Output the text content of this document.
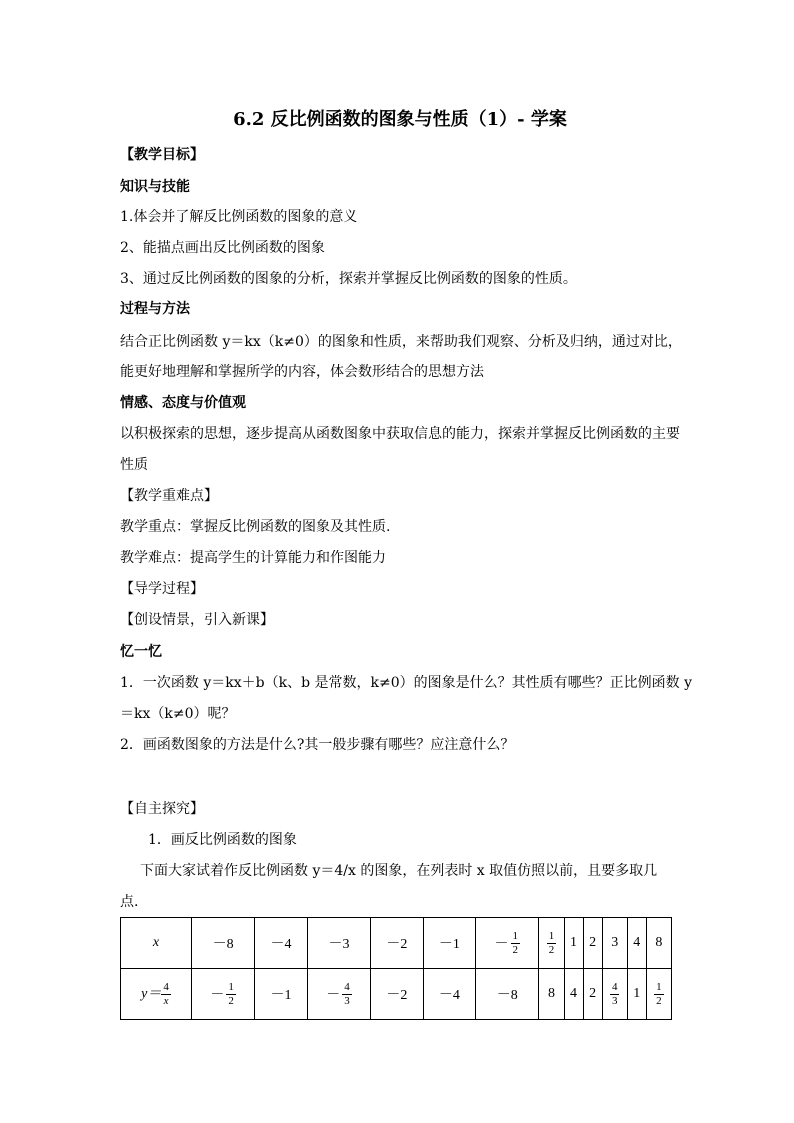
6.2 反比例函数的图象与性质（1）- 学案
【教学目标】
知识与技能
1.体会并了解反比例函数的图象的意义
2、能描点画出反比例函数的图象
3、通过反比例函数的图象的分析，探索并掌握反比例函数的图象的性质。
过程与方法
结合正比例函数 y＝kx（k≠0）的图象和性质，来帮助我们观察、分析及归纳，通过对比，
能更好地理解和掌握所学的内容，体会数形结合的思想方法
情感、态度与价值观
以积极探索的思想，逐步提高从函数图象中获取信息的能力，探索并掌握反比例函数的主要
性质
【教学重难点】
教学重点：掌握反比例函数的图象及其性质.
教学难点：提高学生的计算能力和作图能力
【导学过程】
【创设情景，引入新课】
忆一忆
1．一次函数 y＝kx＋b（k、b 是常数，k≠0）的图象是什么？其性质有哪些？正比例函数 y
＝kx（k≠0）呢？
2．画函数图象的方法是什么?其一般步骤有哪些？应注意什么？
【自主探究】
1．画反比例函数的图象
下面大家试着作反比例函数 y＝4/x 的图象，在列表时 x 取值仿照以前，且要多取几
点.
x	－8	－4	－3	－2	－1	－ $\frac{1}{2}$	$\frac{1}{2}$	1	2	3	4	8
$y= \frac{4}{x}$	－ $\frac{1}{2}$	－1	－ $\frac{4}{3}$	－2	－4	－8	8	4	2	$\frac{4}{3}$	1	$\frac{1}{2}$
